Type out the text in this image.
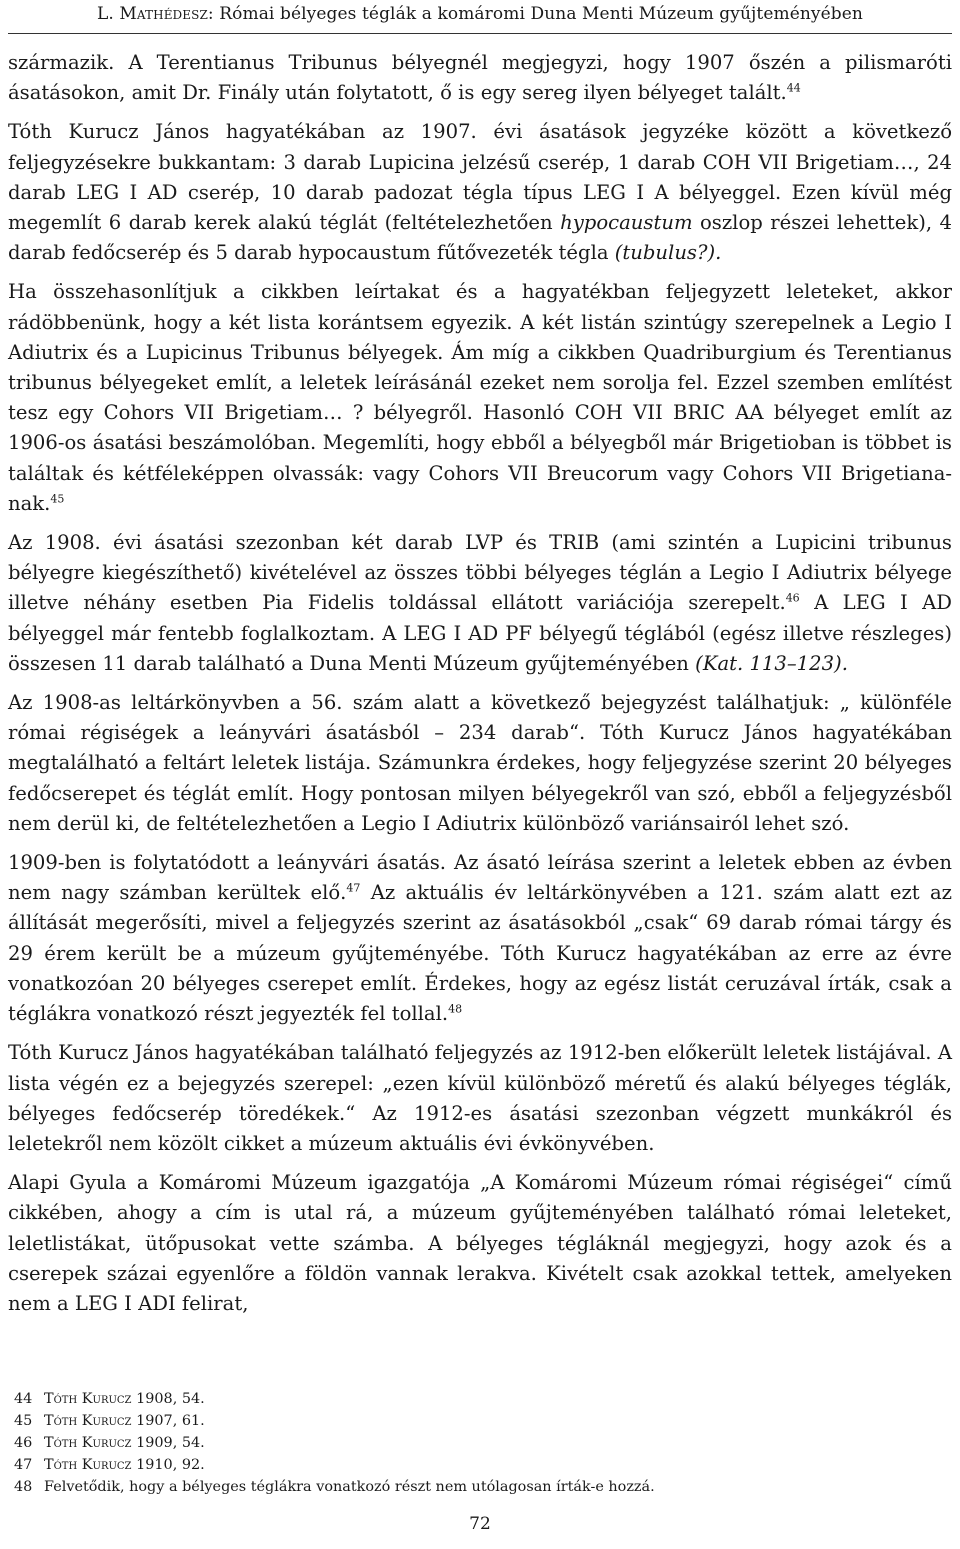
L. Mathédesz: Római bélyeges téglák a komáromi Duna Menti Múzeum gyűjteményében

származik. A Terentianus Tribunus bélyegnél megjegyzi, hogy 1907 őszén a pilismaróti ásatásokon, amit Dr. Finály után folytatott, ő is egy sereg ilyen bélyeget talált.$^{44}$

Tóth Kurucz János hagyatékában az 1907. évi ásatások jegyzéke között a következő feljegyzésekre bukkantam: 3 darab Lupicina jelzésű cserép, 1 darab COH VII Brigetiam…, 24 darab LEG I AD cserép, 10 darab padozat tégla típus LEG I A bélyeggel. Ezen kívül még megemlít 6 darab kerek alakú téglát (feltételezhetően hypocaustum oszlop részei lehettek), 4 darab fedőcserép és 5 darab hypocaustum fűtővezeték tégla (tubulus?).

Ha összehasonlítjuk a cikkben leírtakat és a hagyatékban feljegyzett leleteket, akkor rádöbbenünk, hogy a két lista korántsem egyezik. A két listán szintúgy szerepelnek a Legio I Adiutrix és a Lupicinus Tribunus bélyegek. Ám míg a cikkben Quadriburgium és Terentianus tribunus bélyegeket említ, a leletek leírásánál ezeket nem sorolja fel. Ezzel szemben említést tesz egy Cohors VII Brigetiam… ? bélyegről. Hasonló COH VII BRIC AA bélyeget említ az 1906-os ásatási beszámolóban. Megemlíti, hogy ebből a bélyegből már Brigetioban is többet is találtak és kétféleképpen olvassák: vagy Cohors VII Breucorum vagy Cohors VII Brigetiana-nak.$^{45}$

Az 1908. évi ásatási szezonban két darab LVP és TRIB (ami szintén a Lupicini tribunus bélyegre kiegészíthető) kivételével az összes többi bélyeges téglán a Legio I Adiutrix bélyege illetve néhány esetben Pia Fidelis toldással ellátott variációja szerepelt.$^{46}$ A LEG I AD bélyeggel már fentebb foglalkoztam. A LEG I AD PF bélyegű téglából (egész illetve részleges) összesen 11 darab található a Duna Menti Múzeum gyűjteményében (Kat. 113–123).

Az 1908-as leltárkönyvben a 56. szám alatt a következő bejegyzést találhatjuk: „ különféle római régiségek a leányvári ásatásból – 234 darab“. Tóth Kurucz János hagyatékában megtalálható a feltárt leletek listája. Számunkra érdekes, hogy feljegyzése szerint 20 bélyeges fedőcserepet és téglát említ. Hogy pontosan milyen bélyegekről van szó, ebből a feljegyzésből nem derül ki, de feltételezhetően a Legio I Adiutrix különböző variánsairól lehet szó.

1909-ben is folytatódott a leányvári ásatás. Az ásató leírása szerint a leletek ebben az évben nem nagy számban kerültek elő.$^{47}$ Az aktuális év leltárkönyvében a 121. szám alatt ezt az állítását megerősíti, mivel a feljegyzés szerint az ásatásokból „csak“ 69 darab római tárgy és 29 érem került be a múzeum gyűjteményébe. Tóth Kurucz hagyatékában az erre az évre vonatkozóan 20 bélyeges cserepet említ. Érdekes, hogy az egész listát ceruzával írták, csak a téglákra vonatkozó részt jegyezték fel tollal.$^{48}$

Tóth Kurucz János hagyatékában található feljegyzés az 1912-ben előkerült leletek listájával. A lista végén ez a bejegyzés szerepel: „ezen kívül különböző méretű és alakú bélyeges téglák, bélyeges fedőcserép töredékek.“ Az 1912-es ásatási szezonban végzett munkákról és leletekről nem közölt cikket a múzeum aktuális évi évkönyvében.

Alapi Gyula a Komáromi Múzeum igazgatója „A Komáromi Múzeum római régiségei“ című cikkében, ahogy a cím is utal rá, a múzeum gyűjteményében található római leleteket, leletlistákat, ütőpusokat vette számba. A bélyeges tégláknál megjegyzi, hogy azok és a cserepek százai egyenlőre a földön vannak lerakva. Kivételt csak azokkal tettek, amelyeken nem a LEG I ADI felirat,

44 Tóth Kurucz 1908, 54.
45 Tóth Kurucz 1907, 61.
46 Tóth Kurucz 1909, 54.
47 Tóth Kurucz 1910, 92.
48 Felvetődik, hogy a bélyeges téglákra vonatkozó részt nem utólagosan írták-e hozzá.
72
